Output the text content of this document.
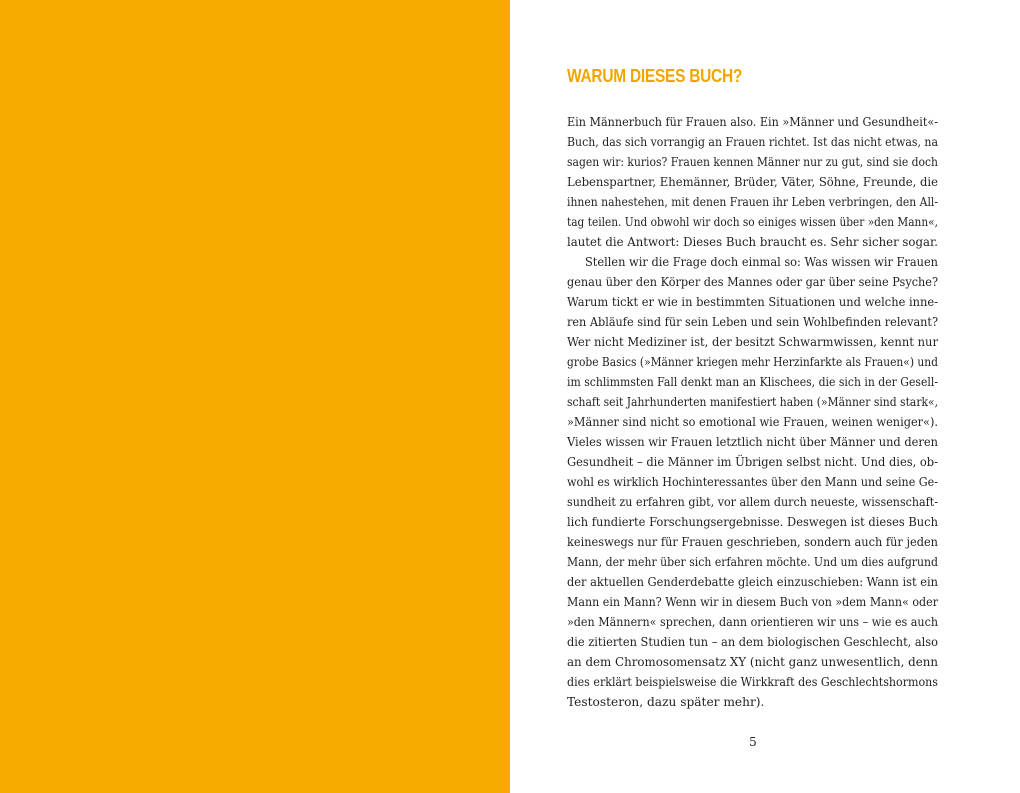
WARUM DIESES BUCH?
Ein Männerbuch für Frauen also. Ein »Männer und Gesundheit«-
Buch, das sich vorrangig an Frauen richtet. Ist das nicht etwas, na
sagen wir: kurios? Frauen kennen Männer nur zu gut, sind sie doch
Lebenspartner, Ehemänner, Brüder, Väter, Söhne, Freunde, die
ihnen nahestehen, mit denen Frauen ihr Leben verbringen, den All-
tag teilen. Und obwohl wir doch so einiges wissen über »den Mann«,
lautet die Antwort: Dieses Buch braucht es. Sehr sicher sogar.
Stellen wir die Frage doch einmal so: Was wissen wir Frauen
genau über den Körper des Mannes oder gar über seine Psyche?
Warum tickt er wie in bestimmten Situationen und welche inne-
ren Abläufe sind für sein Leben und sein Wohlbefinden relevant?
Wer nicht Mediziner ist, der besitzt Schwarmwissen, kennt nur
grobe Basics (»Männer kriegen mehr Herzinfarkte als Frauen«) und
im schlimmsten Fall denkt man an Klischees, die sich in der Gesell-
schaft seit Jahrhunderten manifestiert haben (»Männer sind stark«,
»Männer sind nicht so emotional wie Frauen, weinen weniger«).
Vieles wissen wir Frauen letztlich nicht über Männer und deren
Gesundheit – die Männer im Übrigen selbst nicht. Und dies, ob-
wohl es wirklich Hochinteressantes über den Mann und seine Ge-
sundheit zu erfahren gibt, vor allem durch neueste, wissenschaft-
lich fundierte Forschungsergebnisse. Deswegen ist dieses Buch
keineswegs nur für Frauen geschrieben, sondern auch für jeden
Mann, der mehr über sich erfahren möchte. Und um dies aufgrund
der aktuellen Genderdebatte gleich einzuschieben: Wann ist ein
Mann ein Mann? Wenn wir in diesem Buch von »dem Mann« oder
»den Männern« sprechen, dann orientieren wir uns – wie es auch
die zitierten Studien tun – an dem biologischen Geschlecht, also
an dem Chromosomensatz XY (nicht ganz unwesentlich, denn
dies erklärt beispielsweise die Wirkkraft des Geschlechtshormons
Testosteron, dazu später mehr).
5
